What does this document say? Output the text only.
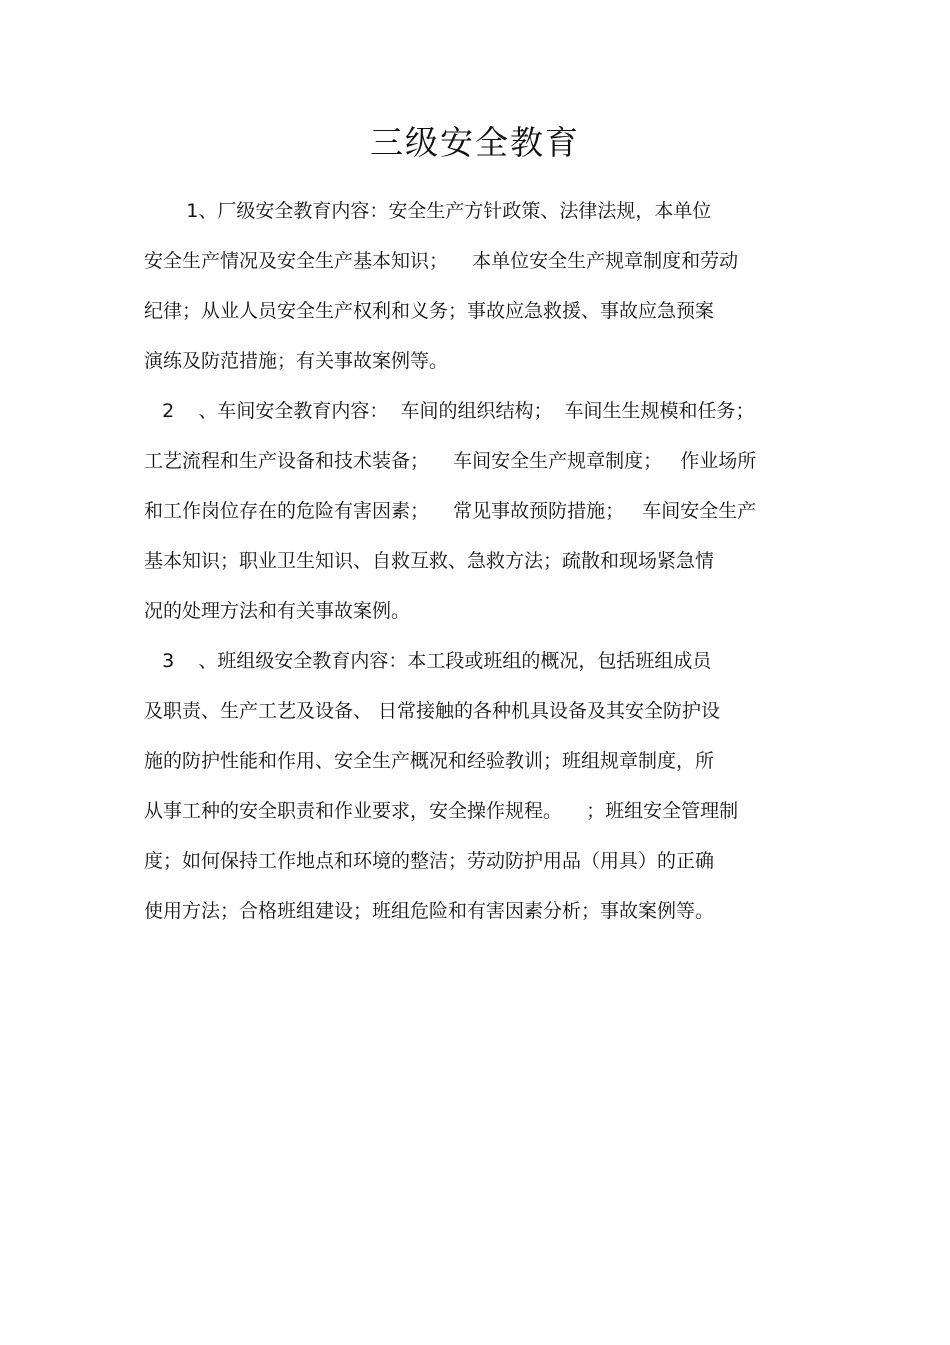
三级安全教育

1、厂级安全教育内容：安全生产方针政策、法律法规，本单位

安全生产情况及安全生产基本知识；    本单位安全生产规章制度和劳动

纪律；从业人员安全生产权利和义务；事故应急救援、事故应急预案

演练及防范措施；有关事故案例等。

2    、车间安全教育内容：  车间的组织结构；  车间生生规模和任务；

工艺流程和生产设备和技术装备；    车间安全生产规章制度；   作业场所

和工作岗位存在的危险有害因素；    常见事故预防措施；   车间安全生产

基本知识；职业卫生知识、自救互救、急救方法；疏散和现场紧急情

况的处理方法和有关事故案例。

3    、班组级安全教育内容：本工段或班组的概况，包括班组成员

及职责、生产工艺及设备、 日常接触的各种机具设备及其安全防护设

施的防护性能和作用、安全生产概况和经验教训；班组规章制度，所

从事工种的安全职责和作业要求，安全操作规程。    ；班组安全管理制

度；如何保持工作地点和环境的整洁；劳动防护用品（用具）的正确

使用方法；合格班组建设；班组危险和有害因素分析；事故案例等。
